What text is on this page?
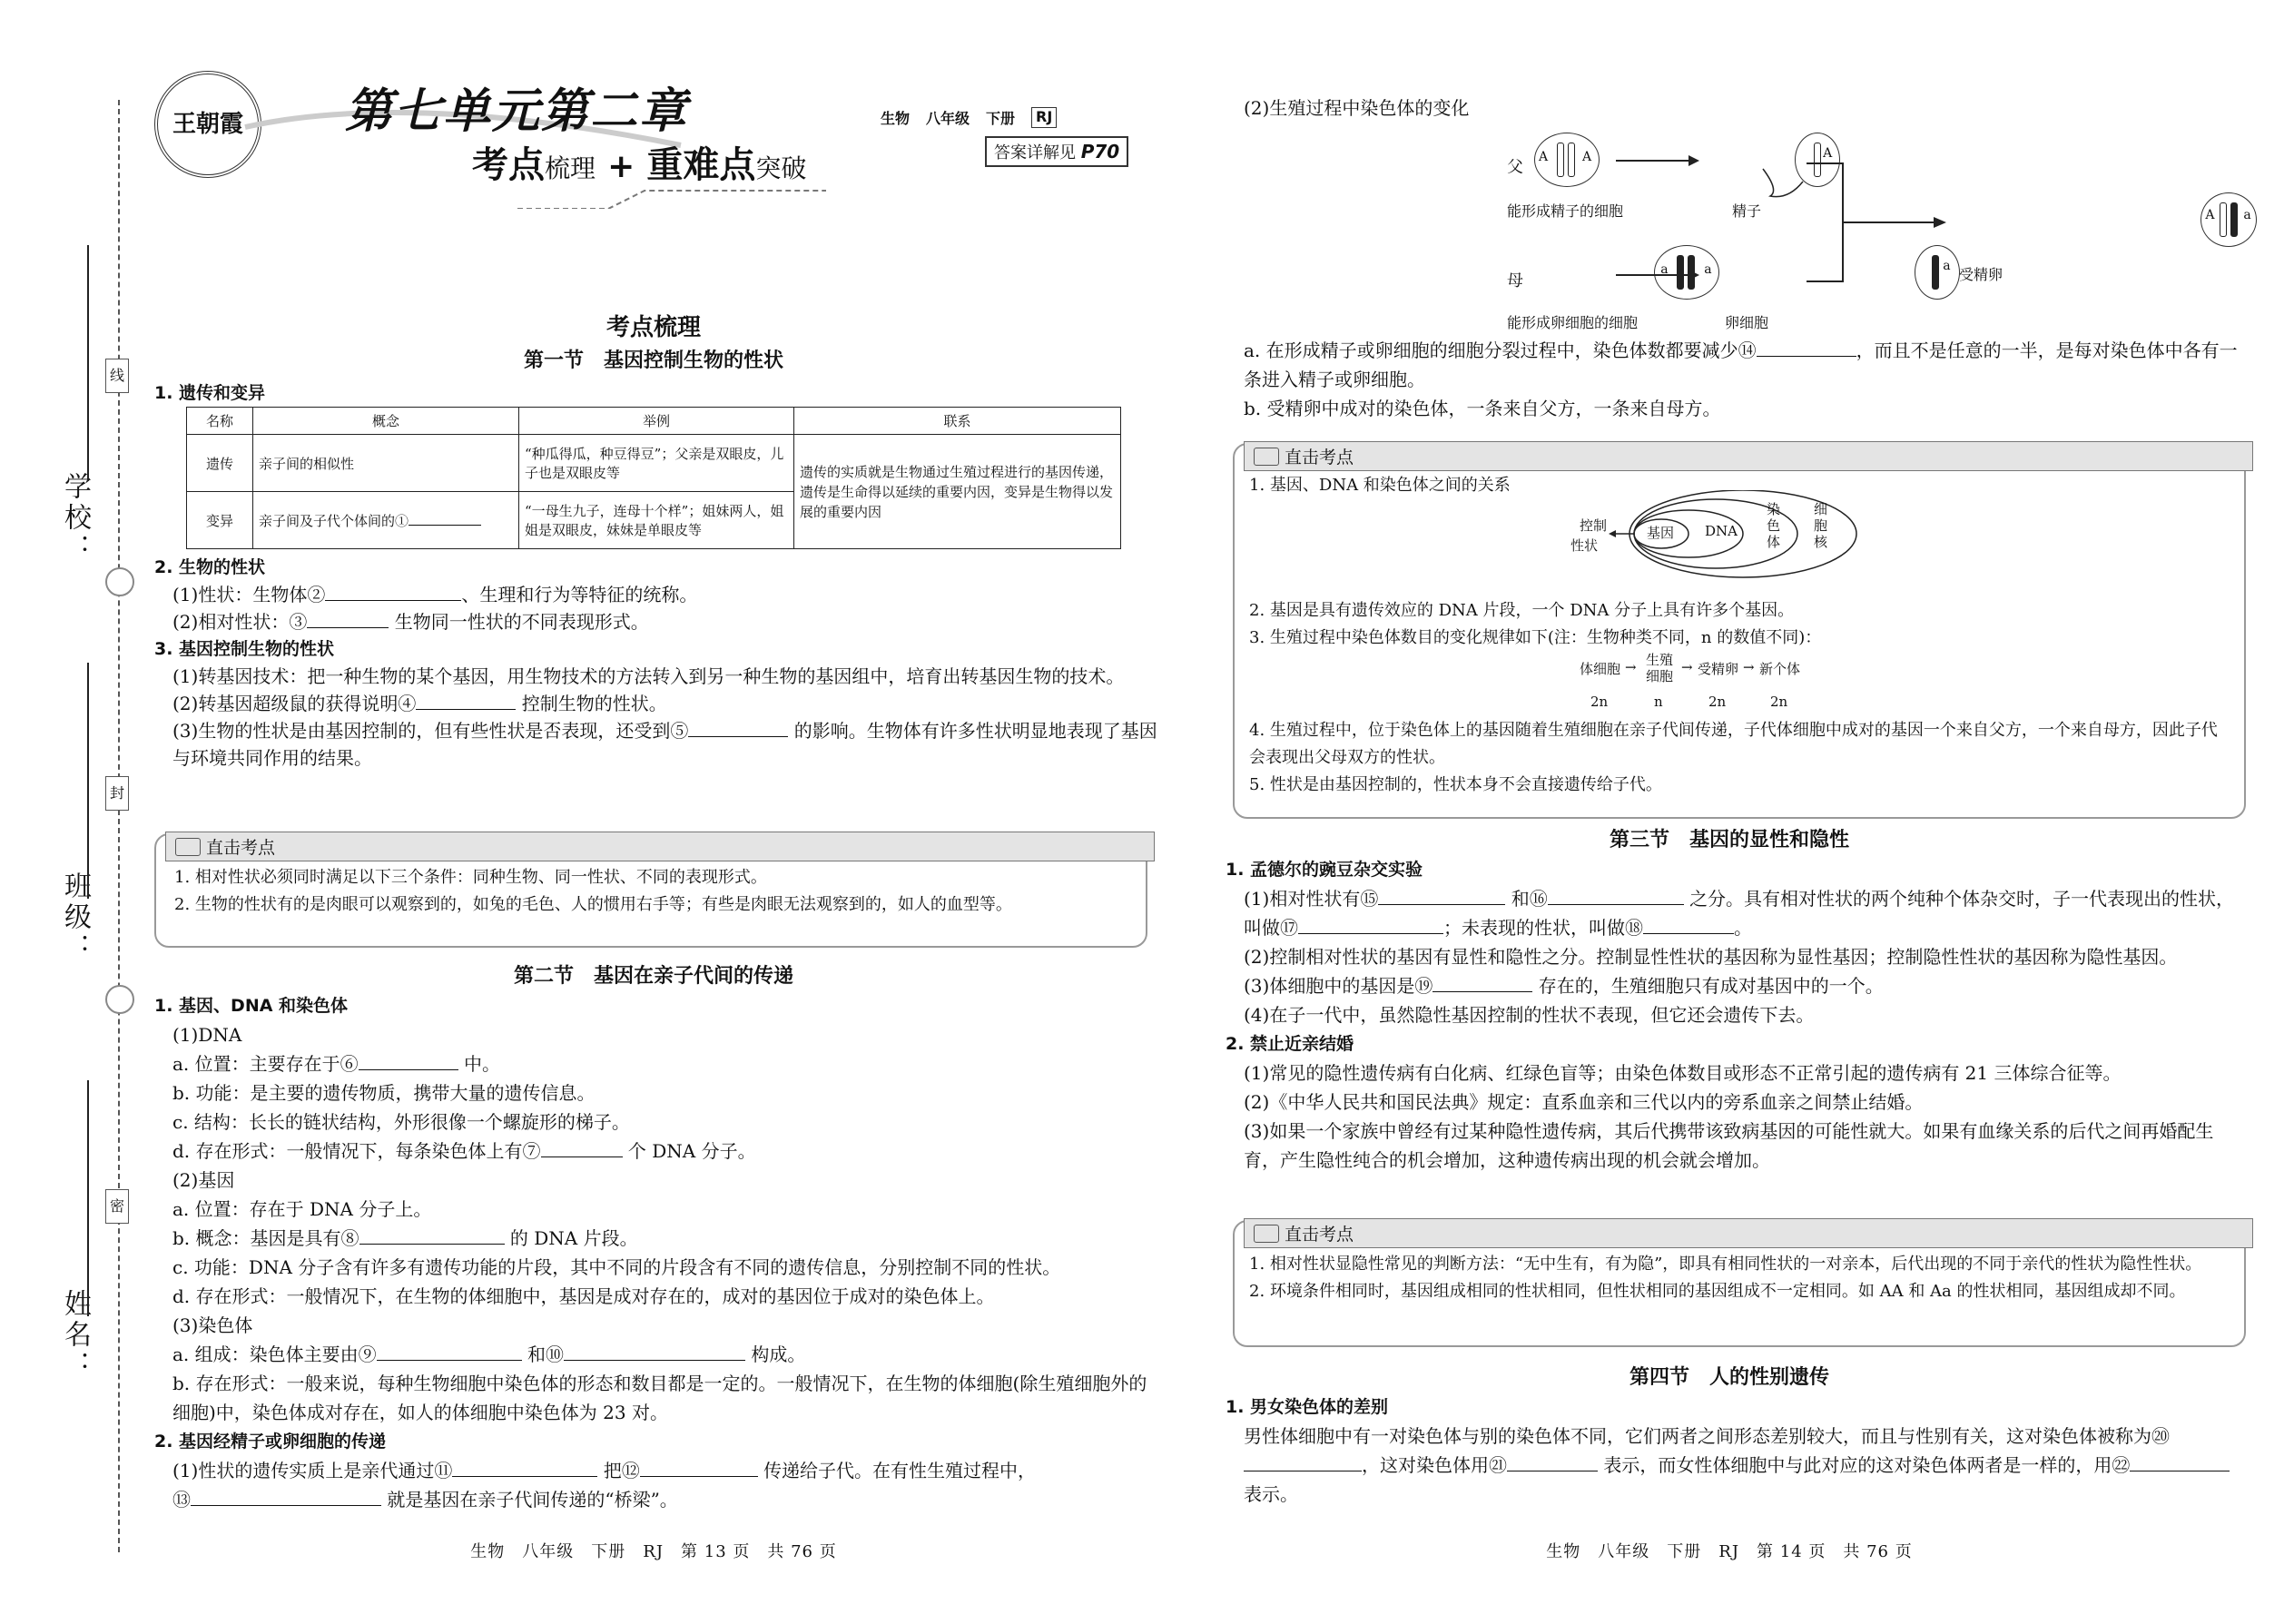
学校：
班级：
姓名：
线
封
密
王朝霞	第七单元第二章
考点梳理 + 重难点突破
生物 八年级 下册	RJ
答案详解见 P70
考点梳理
第一节　基因控制生物的性状
1. 遗传和变异
名称	概念	举例	联系
遗传	亲子间的相似性	“种瓜得瓜，种豆得豆”；父亲是双眼皮，儿子也是双眼皮等	遗传的实质就是生物通过生殖过程进行的基因传递，遗传是生命得以延续的重要内因，变异是生物得以发展的重要内因
变异	亲子间及子代个体间的①	“一母生九子，连母十个样”；姐妹两人，姐姐是双眼皮，妹妹是单眼皮等	
2. 生物的性状
(1)性状：生物体②	、生理和行为等特征的统称。
(2)相对性状：③	生物同一性状的不同表现形式。
3. 基因控制生物的性状
(1)转基因技术：把一种生物的某个基因，用生物技术的方法转入到另一种生物的基因组中，培育出转基因生物的技术。
(2)转基因超级鼠的获得说明④	控制生物的性状。
(3)生物的性状是由基因控制的，但有些性状是否表现，还受到⑤	的影响。生物体有许多性状明显地表现了基因与环境共同作用的结果。
直击考点
1. 相对性状必须同时满足以下三个条件：同种生物、同一性状、不同的表现形式。
2. 生物的性状有的是肉眼可以观察到的，如兔的毛色、人的惯用右手等；有些是肉眼无法观察到的，如人的血型等。
第二节　基因在亲子代间的传递
1. 基因、DNA 和染色体
(1)DNA
a. 位置：主要存在于⑥	中。
b. 功能：是主要的遗传物质，携带大量的遗传信息。
c. 结构：长长的链状结构，外形很像一个螺旋形的梯子。
d. 存在形式：一般情况下，每条染色体上有⑦	个 DNA 分子。
(2)基因
a. 位置：存在于 DNA 分子上。
b. 概念：基因是具有⑧	的 DNA 片段。
c. 功能：DNA 分子含有许多有遗传功能的片段，其中不同的片段含有不同的遗传信息，分别控制不同的性状。
d. 存在形式：一般情况下，在生物的体细胞中，基因是成对存在的，成对的基因位于成对的染色体上。
(3)染色体
a. 组成：染色体主要由⑨	和⑩	构成。
b. 存在形式：一般来说，每种生物细胞中染色体的形态和数目都是一定的。一般情况下，在生物的体细胞(除生殖细胞外的细胞)中，染色体成对存在，如人的体细胞中染色体为 23 对。
2. 基因经精子或卵细胞的传递
(1)性状的遗传实质上是亲代通过⑪	把⑫	传递给子代。在有性生殖过程中，
⑬	就是基因在亲子代间传递的“桥梁”。
生物　八年级　下册　RJ　第 13 页　共 76 页
(2)生殖过程中染色体的变化
父
A	A

能形成精子的细胞
A

精子
母
a	a

能形成卵细胞的细胞
a

卵细胞
A a
受精卵
a. 在形成精子或卵细胞的细胞分裂过程中，染色体数都要减少⑭	，而且不是任意的一半，是每对染色体中各有一条进入精子或卵细胞。
b. 受精卵中成对的染色体，一条来自父方，一条来自母方。
直击考点
1. 基因、DNA 和染色体之间的关系
控制
性状
基因 DNA
染色体
细胞核
2. 基因是具有遗传效应的 DNA 片段，一个 DNA 分子上具有许多个基因。
3. 生殖过程中染色体数目的变化规律如下(注：生物种类不同，n 的数值不同)：
体细胞 → 生殖细胞
→ 受精卵 → 新个体
2n	n	2n	2n
4. 生殖过程中，位于染色体上的基因随着生殖细胞在亲子代间传递，子代体细胞中成对的基因一个来自父方，一个来自母方，因此子代会表现出父母双方的性状。
5. 性状是由基因控制的，性状本身不会直接遗传给子代。
第三节　基因的显性和隐性
1. 孟德尔的豌豆杂交实验
(1)相对性状有⑮	和⑯	之分。具有相对性状的两个纯种个体杂交时，子一代表现出的性状，叫做⑰	；未表现的性状，叫做⑱	。
(2)控制相对性状的基因有显性和隐性之分。控制显性性状的基因称为显性基因；控制隐性性状的基因称为隐性基因。
(3)体细胞中的基因是⑲	存在的，生殖细胞只有成对基因中的一个。
(4)在子一代中，虽然隐性基因控制的性状不表现，但它还会遗传下去。
2. 禁止近亲结婚
(1)常见的隐性遗传病有白化病、红绿色盲等；由染色体数目或形态不正常引起的遗传病有 21 三体综合征等。
(2)《中华人民共和国民法典》规定：直系血亲和三代以内的旁系血亲之间禁止结婚。
(3)如果一个家族中曾经有过某种隐性遗传病，其后代携带该致病基因的可能性就大。如果有血缘关系的后代之间再婚配生育，产生隐性纯合的机会增加，这种遗传病出现的机会就会增加。
直击考点
1. 相对性状显隐性常见的判断方法：“无中生有，有为隐”，即具有相同性状的一对亲本，后代出现的不同于亲代的性状为隐性性状。
2. 环境条件相同时，基因组成相同的性状相同，但性状相同的基因组成不一定相同。如 AA 和 Aa 的性状相同，基因组成却不同。
第四节　人的性别遗传
1. 男女染色体的差别
男性体细胞中有一对染色体与别的染色体不同，它们两者之间形态差别较大，而且与性别有关，这对染色体被称为⑳，这对染色体用㉑	表示，而女性体细胞中与此对应的这对染色体两者是一样的，用㉒ 表示。
生物　八年级　下册　RJ　第 14 页　共 76 页
